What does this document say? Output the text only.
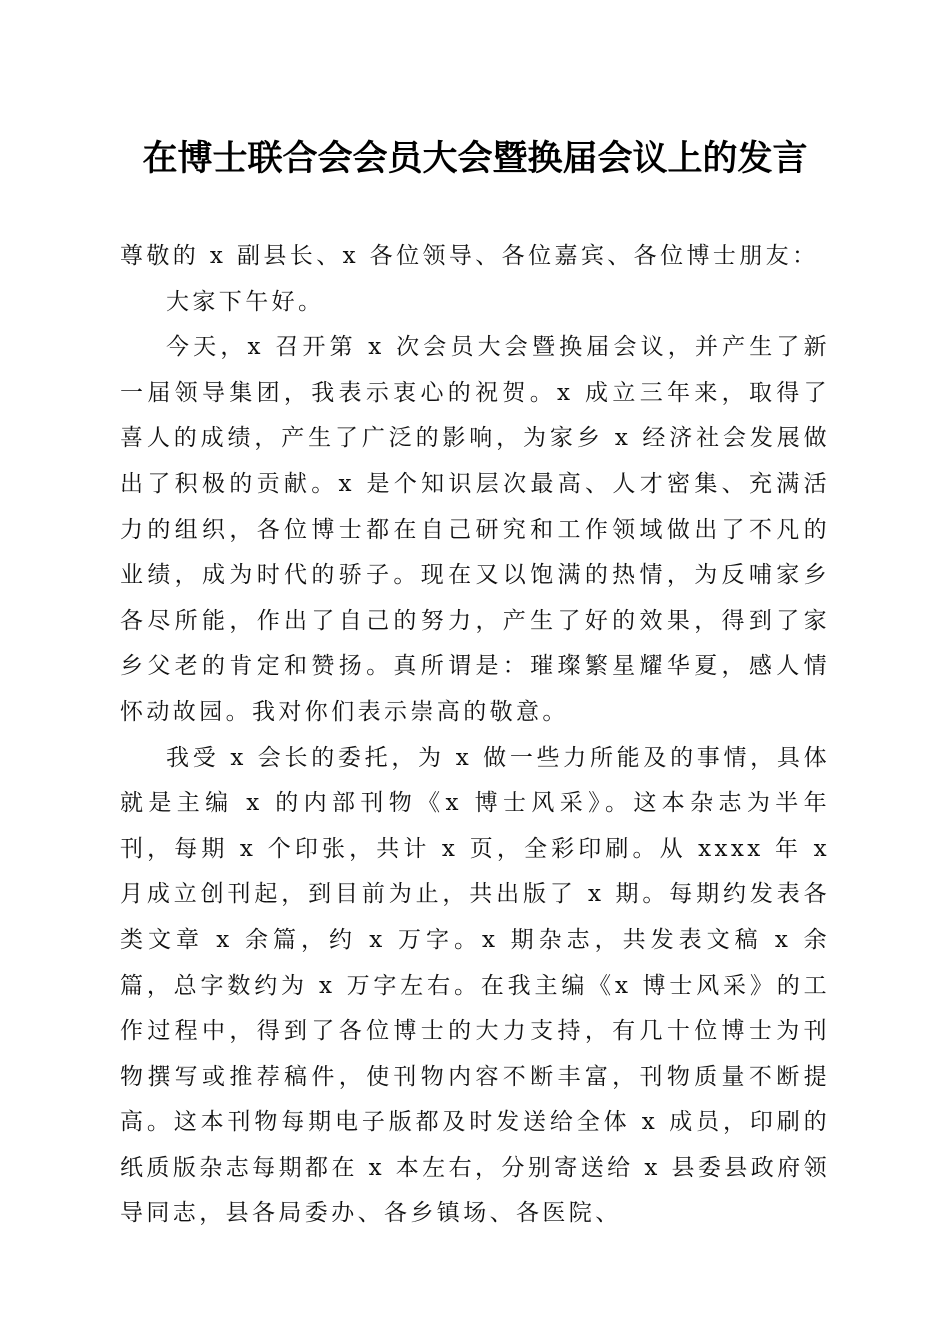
在博士联合会会员大会暨换届会议上的发言

尊敬的 x 副县长、x 各位领导、各位嘉宾、各位博士朋友：

大家下午好。

今天，x 召开第 x 次会员大会暨换届会议，并产生了新一届领导集团，我表示衷心的祝贺。x 成立三年来，取得了喜人的成绩，产生了广泛的影响，为家乡 x 经济社会发展做出了积极的贡献。x 是个知识层次最高、人才密集、充满活力的组织，各位博士都在自己研究和工作领域做出了不凡的业绩，成为时代的骄子。现在又以饱满的热情，为反哺家乡各尽所能，作出了自己的努力，产生了好的效果，得到了家乡父老的肯定和赞扬。真所谓是：璀璨繁星耀华夏，感人情怀动故园。我对你们表示崇高的敬意。

我受 x 会长的委托，为 x 做一些力所能及的事情，具体就是主编 x 的内部刊物《x 博士风采》。这本杂志为半年刊，每期 x 个印张，共计 x 页，全彩印刷。从 xxxx 年 x 月成立创刊起，到目前为止，共出版了 x 期。每期约发表各类文章 x 余篇，约 x 万字。x 期杂志，共发表文稿 x 余篇，总字数约为 x 万字左右。在我主编《x 博士风采》的工作过程中，得到了各位博士的大力支持，有几十位博士为刊物撰写或推荐稿件，使刊物内容不断丰富，刊物质量不断提高。这本刊物每期电子版都及时发送给全体 x 成员，印刷的纸质版杂志每期都在 x 本左右，分别寄送给 x 县委县政府领导同志，县各局委办、各乡镇场、各医院、
